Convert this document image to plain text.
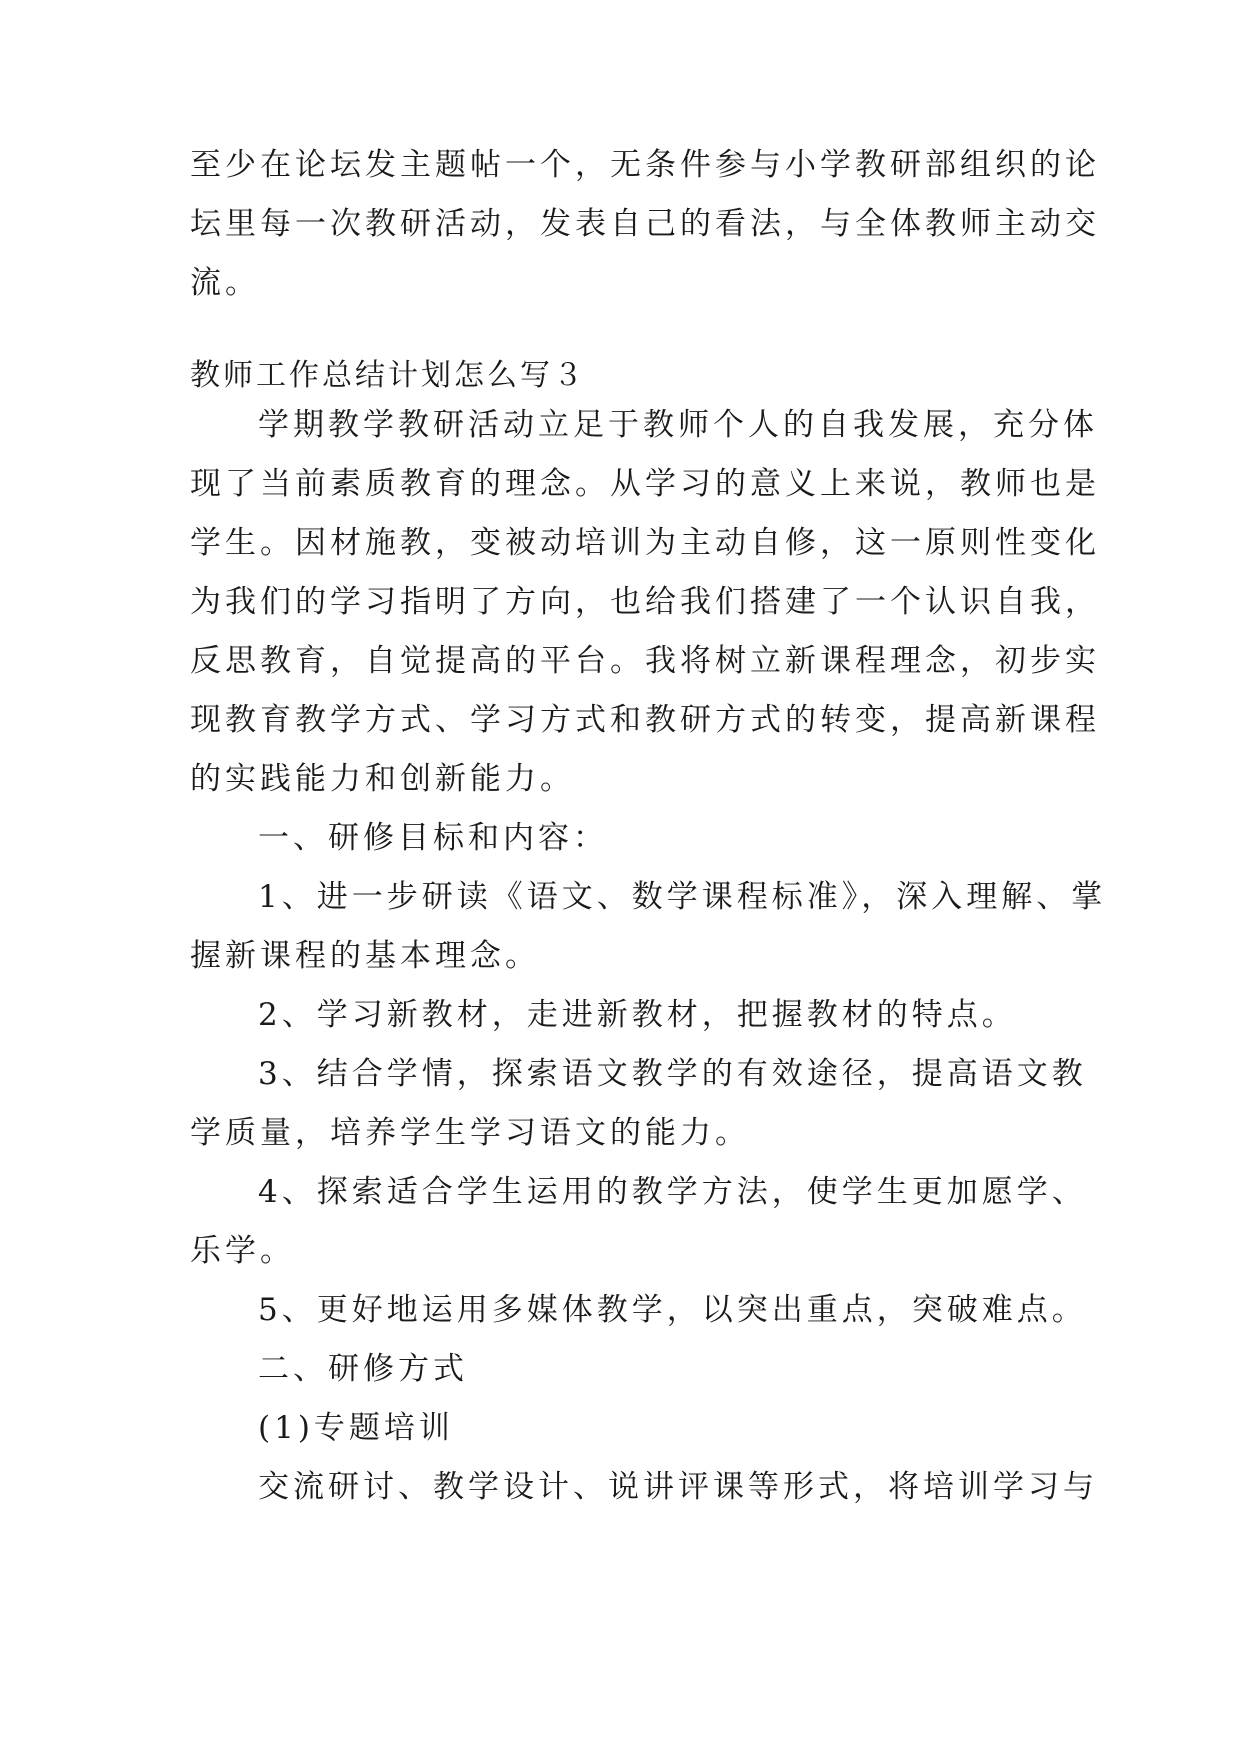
至少在论坛发主题帖一个，无条件参与小学教研部组织的论
坛里每一次教研活动，发表自己的看法，与全体教师主动交
流。
教师工作总结计划怎么写３
学期教学教研活动立足于教师个人的自我发展，充分体
现了当前素质教育的理念。从学习的意义上来说，教师也是
学生。因材施教，变被动培训为主动自修，这一原则性变化
为我们的学习指明了方向，也给我们搭建了一个认识自我，
反思教育，自觉提高的平台。我将树立新课程理念，初步实
现教育教学方式、学习方式和教研方式的转变，提高新课程
的实践能力和创新能力。
一、研修目标和内容：
1、进一步研读《语文、数学课程标准》，深入理解、掌
握新课程的基本理念。
2、学习新教材，走进新教材，把握教材的特点。
3、结合学情，探索语文教学的有效途径，提高语文教
学质量，培养学生学习语文的能力。
4、探索适合学生运用的教学方法，使学生更加愿学、
乐学。
5、更好地运用多媒体教学，以突出重点，突破难点。
二、研修方式
(1)专题培训
交流研讨、教学设计、说讲评课等形式，将培训学习与
